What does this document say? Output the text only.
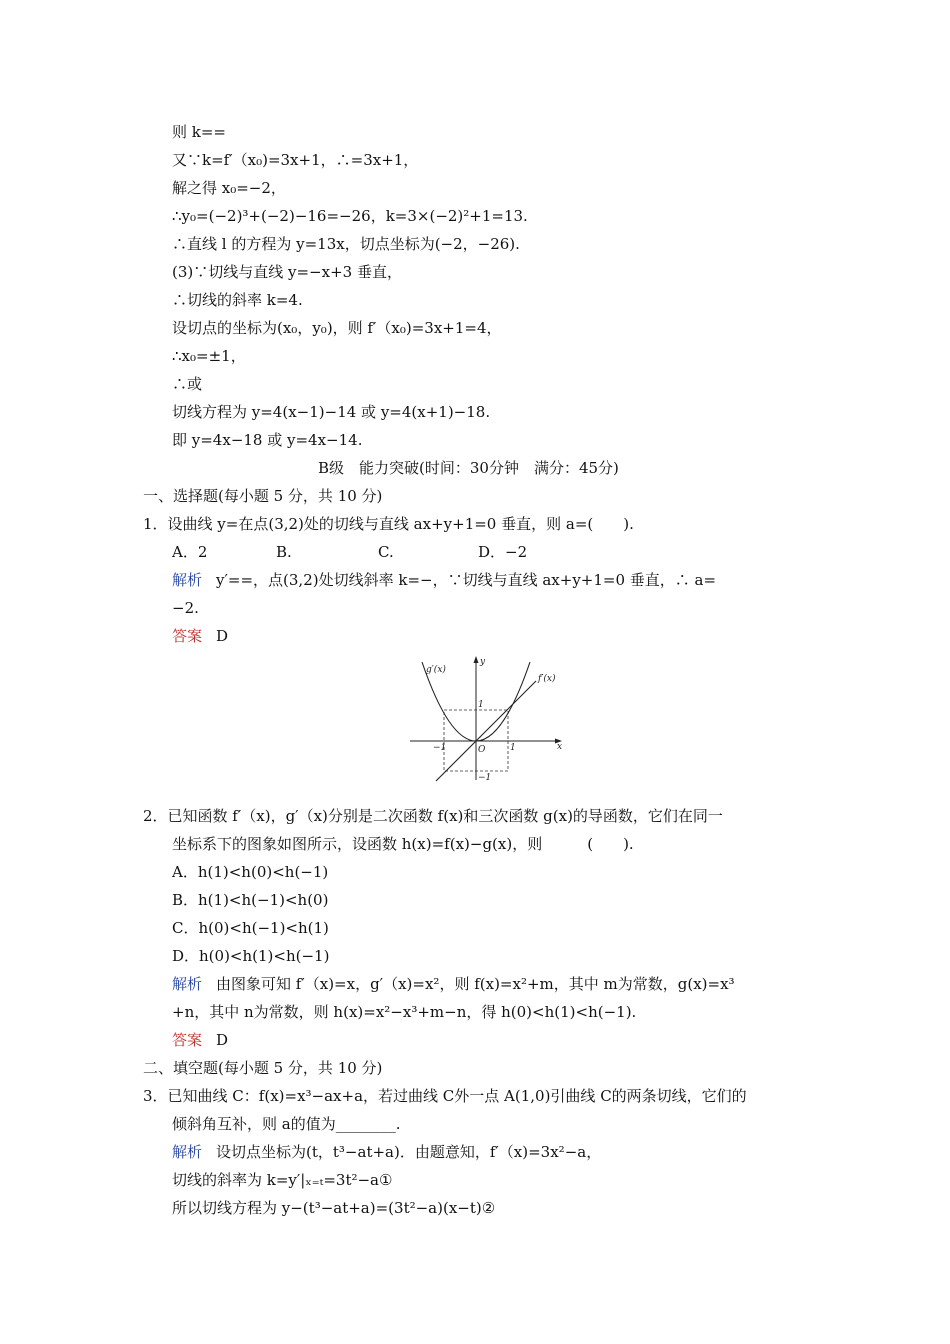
则 k==
又∵k=f′（x₀)=3x+1，∴=3x+1，
解之得 x₀=−2，
∴y₀=(−2)³+(−2)−16=−26，k=3×(−2)²+1=13.
∴直线 l 的方程为 y=13x，切点坐标为(−2，−26).
(3)∵切线与直线 y=−x+3 垂直，
∴切线的斜率 k=4.
设切点的坐标为(x₀，y₀)，则 f′（x₀)=3x+1=4，
∴x₀=±1，
∴或
切线方程为 y=4(x−1)−14 或 y=4(x+1)−18.
即 y=4x−18 或 y=4x−14.
B级　能力突破(时间：30分钟　满分：45分)
一、选择题(每小题 5 分，共 10 分)
1．设曲线 y=在点(3,2)处的切线与直线 ax+y+1=0 垂直，则 a=(　　).
A．2	B.	C.	D．−2
解析 y′==，点(3,2)处切线斜率 k=−，∵切线与直线 ax+y+1=0 垂直，∴ a=
−2.
答案 D
g′(x)
y
f′(x)
1
O	1	x
−1
−1
2．已知函数 f′（x)，g′（x)分别是二次函数 f(x)和三次函数 g(x)的导函数，它们在同一
坐标系下的图象如图所示，设函数 h(x)=f(x)−g(x)，则　　　(　　).
A．h(1)<h(0)<h(−1)
B．h(1)<h(−1)<h(0)
C．h(0)<h(−1)<h(1)
D．h(0)<h(1)<h(−1)
解析 由图象可知 f′（x)=x，g′（x)=x²，则 f(x)=x²+m，其中 m为常数，g(x)=x³
+n，其中 n为常数，则 h(x)=x²−x³+m−n，得 h(0)<h(1)<h(−1).
答案 D
二、填空题(每小题 5 分，共 10 分)
3．已知曲线 C：f(x)=x³−ax+a，若过曲线 C外一点 A(1,0)引曲线 C的两条切线，它们的
倾斜角互补，则 a的值为________.
解析 设切点坐标为(t，t³−at+a)．由题意知，f′（x)=3x²−a，
切线的斜率为 k=y′|ₓ₌ₜ=3t²−a①
所以切线方程为 y−(t³−at+a)=(3t²−a)(x−t)②
